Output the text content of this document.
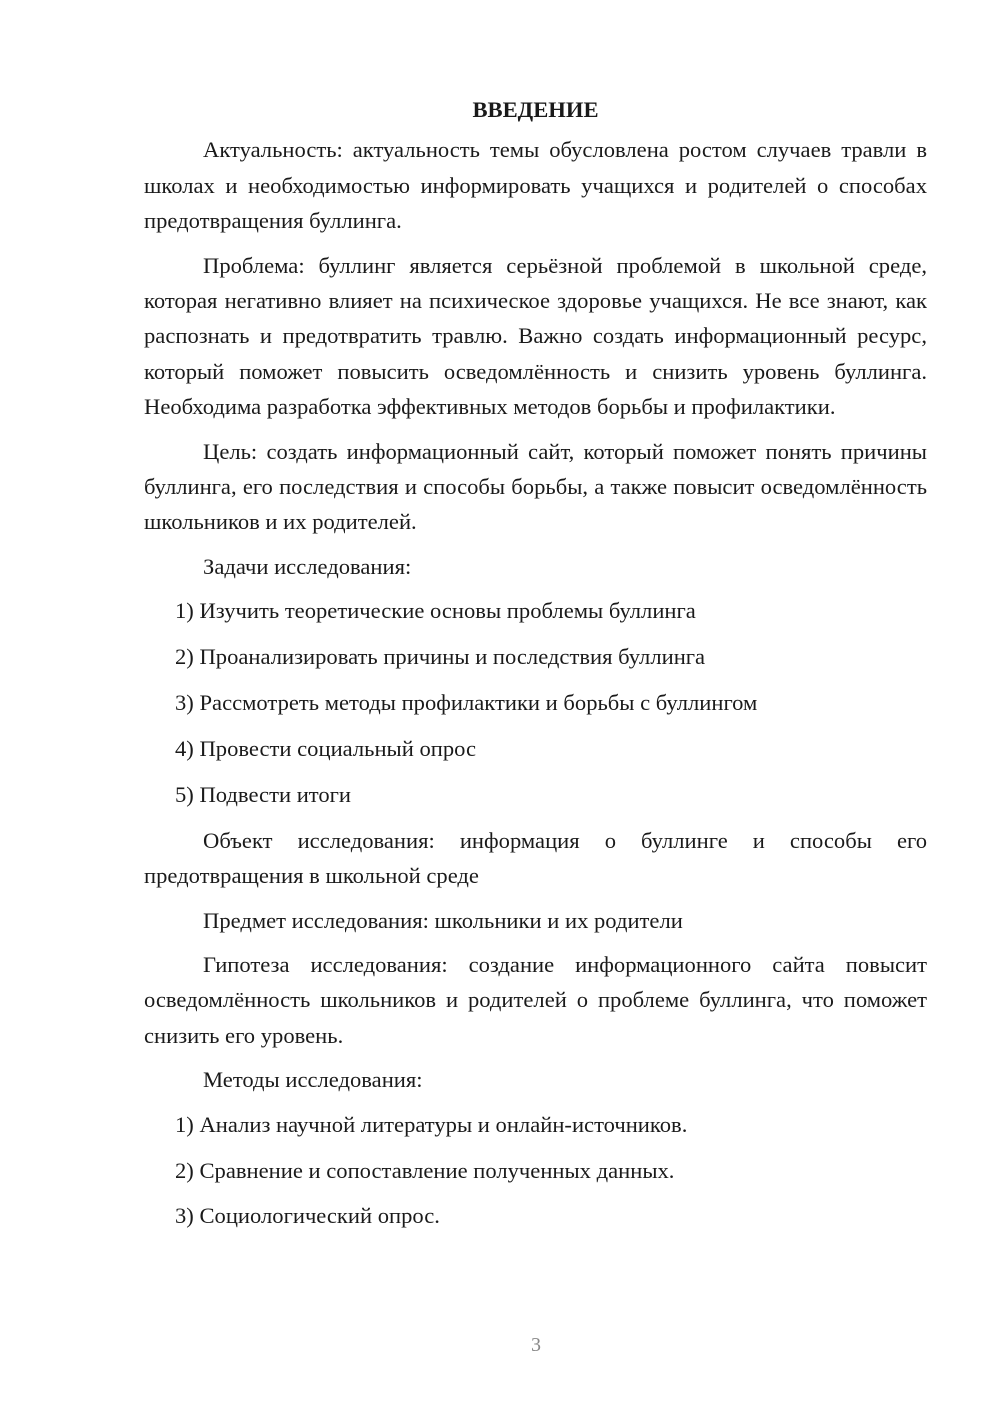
ВВЕДЕНИЕ

Актуальность: актуальность темы обусловлена ростом случаев травли в школах и необходимостью информировать учащихся и родителей о способах предотвращения буллинга.

Проблема: буллинг является серьёзной проблемой в школьной среде, которая негативно влияет на психическое здоровье учащихся. Не все знают, как распознать и предотвратить травлю. Важно создать информационный ресурс, который поможет повысить осведомлённость и снизить уровень буллинга. Необходима разработка эффективных методов борьбы и профилактики.

Цель: создать информационный сайт, который поможет понять причины буллинга, его последствия и способы борьбы, а также повысит осведомлённость школьников и их родителей.

Задачи исследования:

1) Изучить теоретические основы проблемы буллинга
2) Проанализировать причины и последствия буллинга
3) Рассмотреть методы профилактики и борьбы с буллингом
4) Провести социальный опрос
5) Подвести итоги

Объект исследования: информация о буллинге и способы его предотвращения в школьной среде

Предмет исследования: школьники и их родители

Гипотеза исследования: создание информационного сайта повысит осведомлённость школьников и родителей о проблеме буллинга, что поможет снизить его уровень.

Методы исследования:

1) Анализ научной литературы и онлайн-источников.
2) Сравнение и сопоставление полученных данных.
3) Социологический опрос.
3
